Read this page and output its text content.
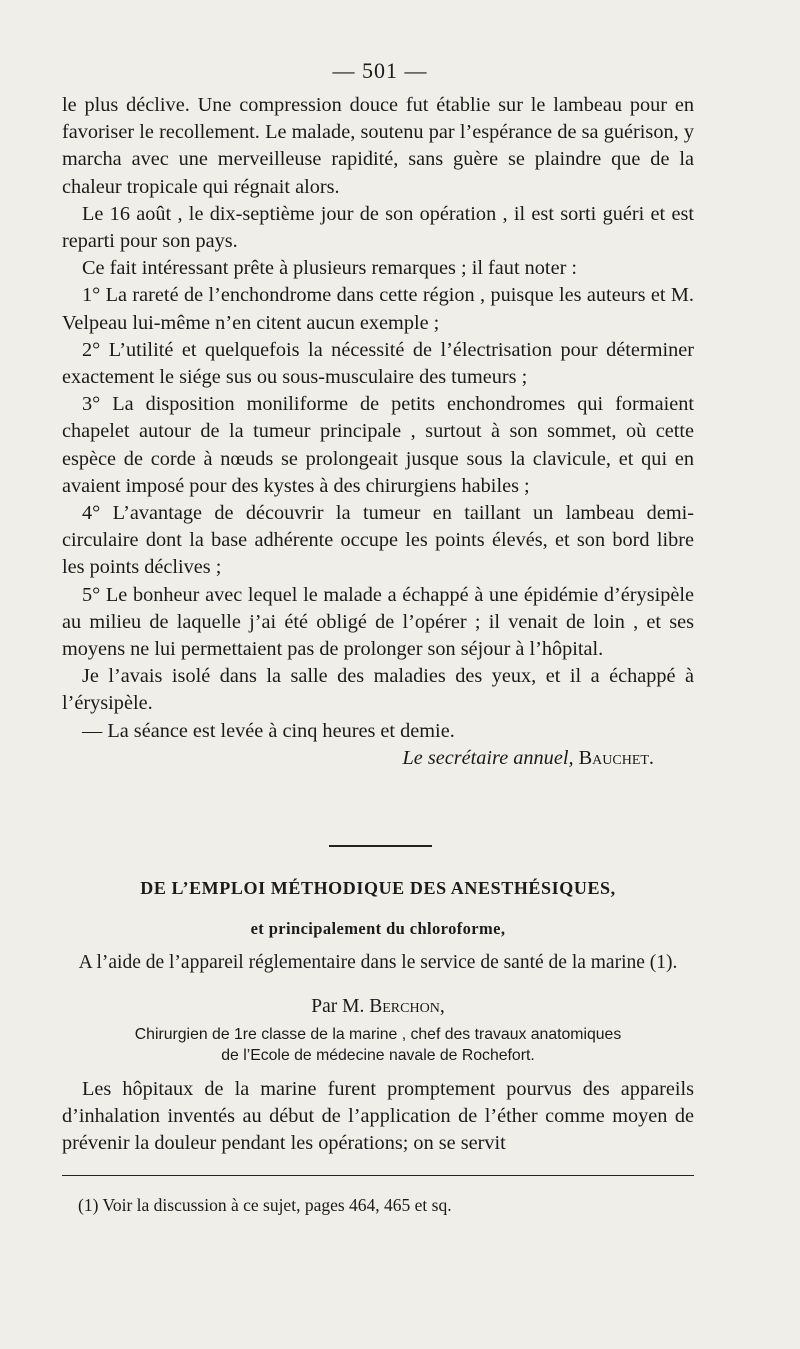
— 501 —

le plus déclive. Une compression douce fut établie sur le lambeau pour en favoriser le recollement. Le malade, soutenu par l’espérance de sa guérison, y marcha avec une merveilleuse rapidité, sans guère se plaindre que de la chaleur tropicale qui régnait alors.

Le 16 août , le dix-septième jour de son opération , il est sorti guéri et est reparti pour son pays.

Ce fait intéressant prête à plusieurs remarques ; il faut noter :

1° La rareté de l’enchondrome dans cette région , puisque les auteurs et M. Velpeau lui-même n’en citent aucun exemple ;

2° L’utilité et quelquefois la nécessité de l’électrisation pour déterminer exactement le siége sus ou sous-musculaire des tumeurs ;

3° La disposition moniliforme de petits enchondromes qui formaient chapelet autour de la tumeur principale , surtout à son sommet, où cette espèce de corde à nœuds se prolongeait jusque sous la clavicule, et qui en avaient imposé pour des kystes à des chirurgiens habiles ;

4° L’avantage de découvrir la tumeur en taillant un lambeau demi-circulaire dont la base adhérente occupe les points élevés, et son bord libre les points déclives ;

5° Le bonheur avec lequel le malade a échappé à une épidémie d’érysipèle au milieu de laquelle j’ai été obligé de l’opérer ; il venait de loin , et ses moyens ne lui permettaient pas de prolonger son séjour à l’hôpital.

Je l’avais isolé dans la salle des maladies des yeux, et il a échappé à l’érysipèle.

— La séance est levée à cinq heures et demie.

Le secrétaire annuel, Bauchet.

DE L’EMPLOI MÉTHODIQUE DES ANESTHÉSIQUES,

et principalement du chloroforme,

A l’aide de l’appareil réglementaire dans le service de santé de la marine (1).

Par M. Berchon,

Chirurgien de 1re classe de la marine , chef des travaux anatomiques
de l’Ecole de médecine navale de Rochefort.

Les hôpitaux de la marine furent promptement pourvus des appareils d’inhalation inventés au début de l’application de l’éther comme moyen de prévenir la douleur pendant les opérations; on se servit

(1) Voir la discussion à ce sujet, pages 464, 465 et sq.
